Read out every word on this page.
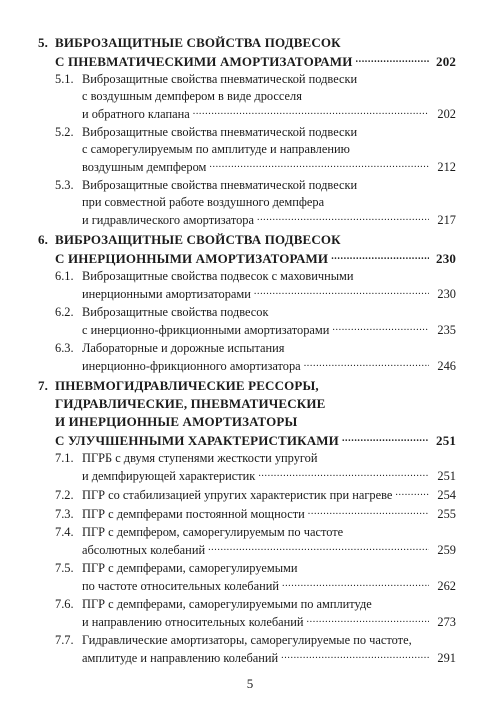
5. ВИБРОЗАЩИТНЫЕ СВОЙСТВА ПОДВЕСОК
С ПНЕВМАТИЧЕСКИМИ АМОРТИЗАТОРАМИ .....	202
5.1. Виброзащитные свойства пневматической подвески
с воздушным демпфером в виде дросселя
и обратного клапана .....	202
5.2. Виброзащитные свойства пневматической подвески
с саморегулируемым по амплитуде и направлению
воздушным демпфером .....	212
5.3. Виброзащитные свойства пневматической подвески
при совместной работе воздушного демпфера
и гидравлического амортизатора .....	217
6. ВИБРОЗАЩИТНЫЕ СВОЙСТВА ПОДВЕСОК
С ИНЕРЦИОННЫМИ АМОРТИЗАТОРАМИ .....	230
6.1. Виброзащитные свойства подвесок с маховичными
инерционными амортизаторами .....	230
6.2. Виброзащитные свойства подвесок
с инерционно-фрикционными амортизаторами .....	235
6.3. Лабораторные и дорожные испытания
инерционно-фрикционного амортизатора .....	246
7. ПНЕВМОГИДРАВЛИЧЕСКИЕ РЕССОРЫ,
ГИДРАВЛИЧЕСКИЕ, ПНЕВМАТИЧЕСКИЕ
И ИНЕРЦИОННЫЕ АМОРТИЗАТОРЫ
С УЛУЧШЕННЫМИ ХАРАКТЕРИСТИКАМИ .....	251
7.1. ПГРБ с двумя ступенями жесткости упругой
и демпфирующей характеристик .....	251
7.2. ПГР со стабилизацией упругих характеристик при нагреве .....	254
7.3. ПГР с демпферами постоянной мощности .....	255
7.4. ПГР с демпфером, саморегулируемым по частоте
абсолютных колебаний .....	259
7.5. ПГР с демпферами, саморегулируемыми
по частоте относительных колебаний .....	262
7.6. ПГР с демпферами, саморегулируемыми по амплитуде
и направлению относительных колебаний .....	273
7.7. Гидравлические амортизаторы, саморегулируемые по частоте,
амплитуде и направлению колебаний .....	291
5
